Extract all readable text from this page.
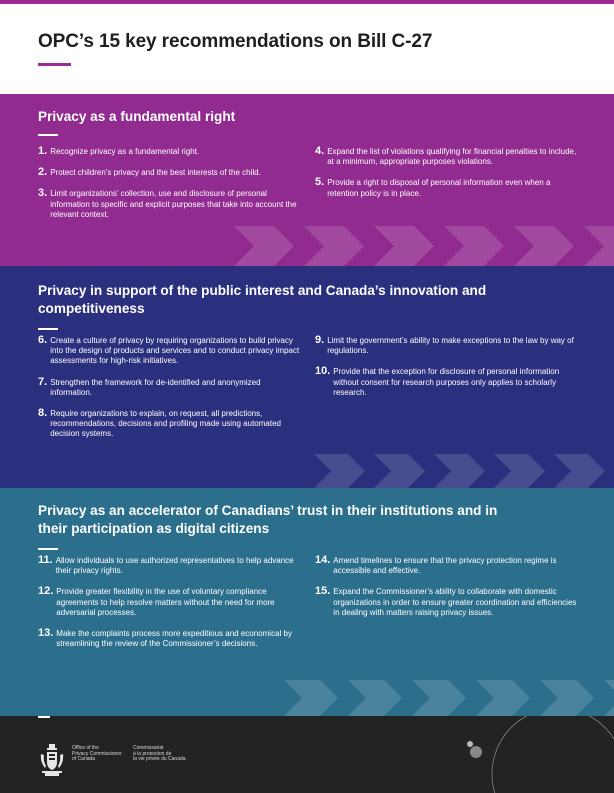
OPC’s 15 key recommendations on Bill C-27
Privacy as a fundamental right
1. Recognize privacy as a fundamental right.
2. Protect children’s privacy and the best interests of the child.
3. Limit organizations’ collection, use and disclosure of personal information to specific and explicit purposes that take into account the relevant context.
4. Expand the list of violations qualifying for financial penalties to include, at a minimum, appropriate purposes violations.
5. Provide a right to disposal of personal information even when a retention policy is in place.
Privacy in support of the public interest and Canada’s innovation and competitiveness
6. Create a culture of privacy by requiring organizations to build privacy into the design of products and services and to conduct privacy impact assessments for high-risk initiatives.
7. Strengthen the framework for de-identified and anonymized information.
8. Require organizations to explain, on request, all predictions, recommendations, decisions and profiling made using automated decision systems.
9. Limit the government’s ability to make exceptions to the law by way of regulations.
10. Provide that the exception for disclosure of personal information without consent for research purposes only applies to scholarly research.
Privacy as an accelerator of Canadians’ trust in their institutions and in their participation as digital citizens
11. Allow individuals to use authorized representatives to help advance their privacy rights.
12. Provide greater flexibility in the use of voluntary compliance agreements to help resolve matters without the need for more adversarial processes.
13. Make the complaints process more expeditious and economical by streamlining the review of the Commissioner’s decisions.
14. Amend timelines to ensure that the privacy protection regime is accessible and effective.
15. Expand the Commissioner’s ability to collaborate with domestic organizations in order to ensure greater coordination and efficiencies in dealing with matters raising privacy issues.
Office of the
Privacy Commissioner
of Canada
Commissariat
à la protection de
la vie privée du Canada
